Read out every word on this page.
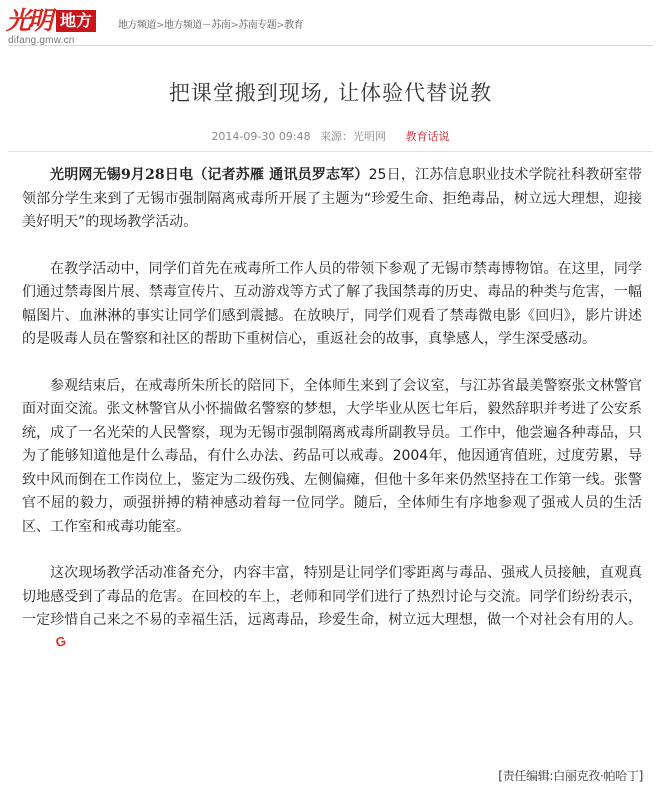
光明 地方
difang.gmw.cn
地方频道>地方频道－苏南>苏南专题>教育
把课堂搬到现场, 让体验代替说教
2014-09-30 09:48 来源：光明网 教育话说

光明网无锡9月28日电（记者苏雁 通讯员罗志军）25日，江苏信息职业技术学院社科教研室带领部分学生来到了无锡市强制隔离戒毒所开展了主题为“珍爱生命、拒绝毒品，树立远大理想，迎接美好明天”的现场教学活动。

在教学活动中，同学们首先在戒毒所工作人员的带领下参观了无锡市禁毒博物馆。在这里，同学们通过禁毒图片展、禁毒宣传片、互动游戏等方式了解了我国禁毒的历史、毒品的种类与危害，一幅幅图片、血淋淋的事实让同学们感到震撼。在放映厅，同学们观看了禁毒微电影《回归》，影片讲述的是吸毒人员在警察和社区的帮助下重树信心，重返社会的故事，真挚感人，学生深受感动。

参观结束后，在戒毒所朱所长的陪同下，全体师生来到了会议室，与江苏省最美警察张文林警官面对面交流。张文林警官从小怀揣做名警察的梦想，大学毕业从医七年后，毅然辞职并考进了公安系统，成了一名光荣的人民警察，现为无锡市强制隔离戒毒所副教导员。工作中，他尝遍各种毒品，只为了能够知道他是什么毒品，有什么办法、药品可以戒毒。2004年，他因通宵值班，过度劳累，导致中风而倒在工作岗位上，鉴定为二级伤残、左侧偏瘫，但他十多年来仍然坚持在工作第一线。张警官不屈的毅力，顽强拼搏的精神感动着每一位同学。随后，全体师生有序地参观了强戒人员的生活区、工作室和戒毒功能室。

这次现场教学活动准备充分，内容丰富，特别是让同学们零距离与毒品、强戒人员接触，直观真切地感受到了毒品的危害。在回校的车上，老师和同学们进行了热烈讨论与交流。同学们纷纷表示，一定珍惜自己来之不易的幸福生活，远离毒品，珍爱生命，树立远大理想，做一个对社会有用的人。G

[责任编辑:白丽克孜·帕哈丁]
